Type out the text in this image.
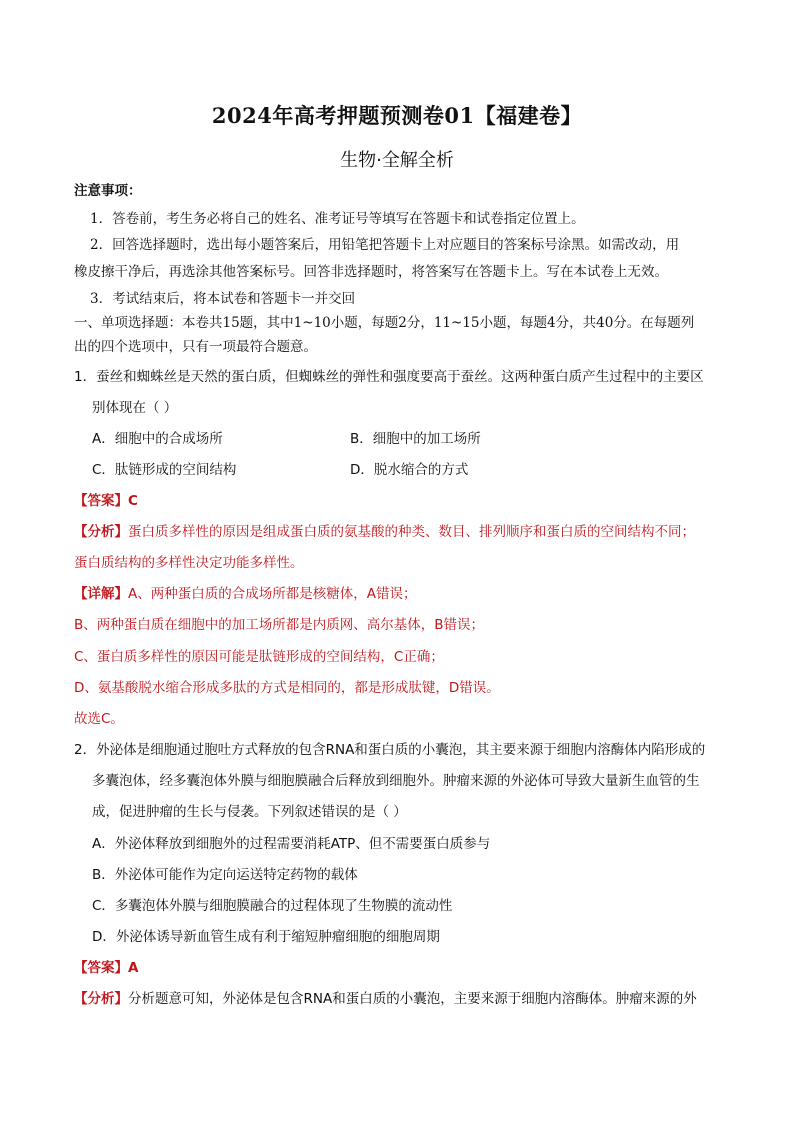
2024年高考押题预测卷01【福建卷】
生物·全解全析
注意事项：
1．答卷前，考生务必将自己的姓名、准考证号等填写在答题卡和试卷指定位置上。
2．回答选择题时，选出每小题答案后，用铅笔把答题卡上对应题目的答案标号涂黑。如需改动，用
橡皮擦干净后，再选涂其他答案标号。回答非选择题时，将答案写在答题卡上。写在本试卷上无效。
3．考试结束后，将本试卷和答题卡一并交回
一、单项选择题：本卷共15题，其中1~10小题，每题2分，11~15小题，每题4分，共40分。在每题列
出的四个选项中，只有一项最符合题意。
1．蚕丝和蜘蛛丝是天然的蛋白质，但蜘蛛丝的弹性和强度要高于蚕丝。这两种蛋白质产生过程中的主要区
别体现在（ ）
A．细胞中的合成场所	B．细胞中的加工场所
C．肽链形成的空间结构	D．脱水缩合的方式
【答案】C
【分析】蛋白质多样性的原因是组成蛋白质的氨基酸的种类、数目、排列顺序和蛋白质的空间结构不同；
蛋白质结构的多样性决定功能多样性。
【详解】A、两种蛋白质的合成场所都是核糖体，A错误；
B、两种蛋白质在细胞中的加工场所都是内质网、高尔基体，B错误；
C、蛋白质多样性的原因可能是肽链形成的空间结构，C正确；
D、氨基酸脱水缩合形成多肽的方式是相同的，都是形成肽键，D错误。
故选C。
2．外泌体是细胞通过胞吐方式释放的包含RNA和蛋白质的小囊泡，其主要来源于细胞内溶酶体内陷形成的
多囊泡体，经多囊泡体外膜与细胞膜融合后释放到细胞外。肿瘤来源的外泌体可导致大量新生血管的生
成，促进肿瘤的生长与侵袭。下列叙述错误的是（ ）
A．外泌体释放到细胞外的过程需要消耗ATP、但不需要蛋白质参与
B．外泌体可能作为定向运送特定药物的载体
C．多囊泡体外膜与细胞膜融合的过程体现了生物膜的流动性
D．外泌体诱导新血管生成有利于缩短肿瘤细胞的细胞周期
【答案】A
【分析】分析题意可知，外泌体是包含RNA和蛋白质的小囊泡，主要来源于细胞内溶酶体。肿瘤来源的外
